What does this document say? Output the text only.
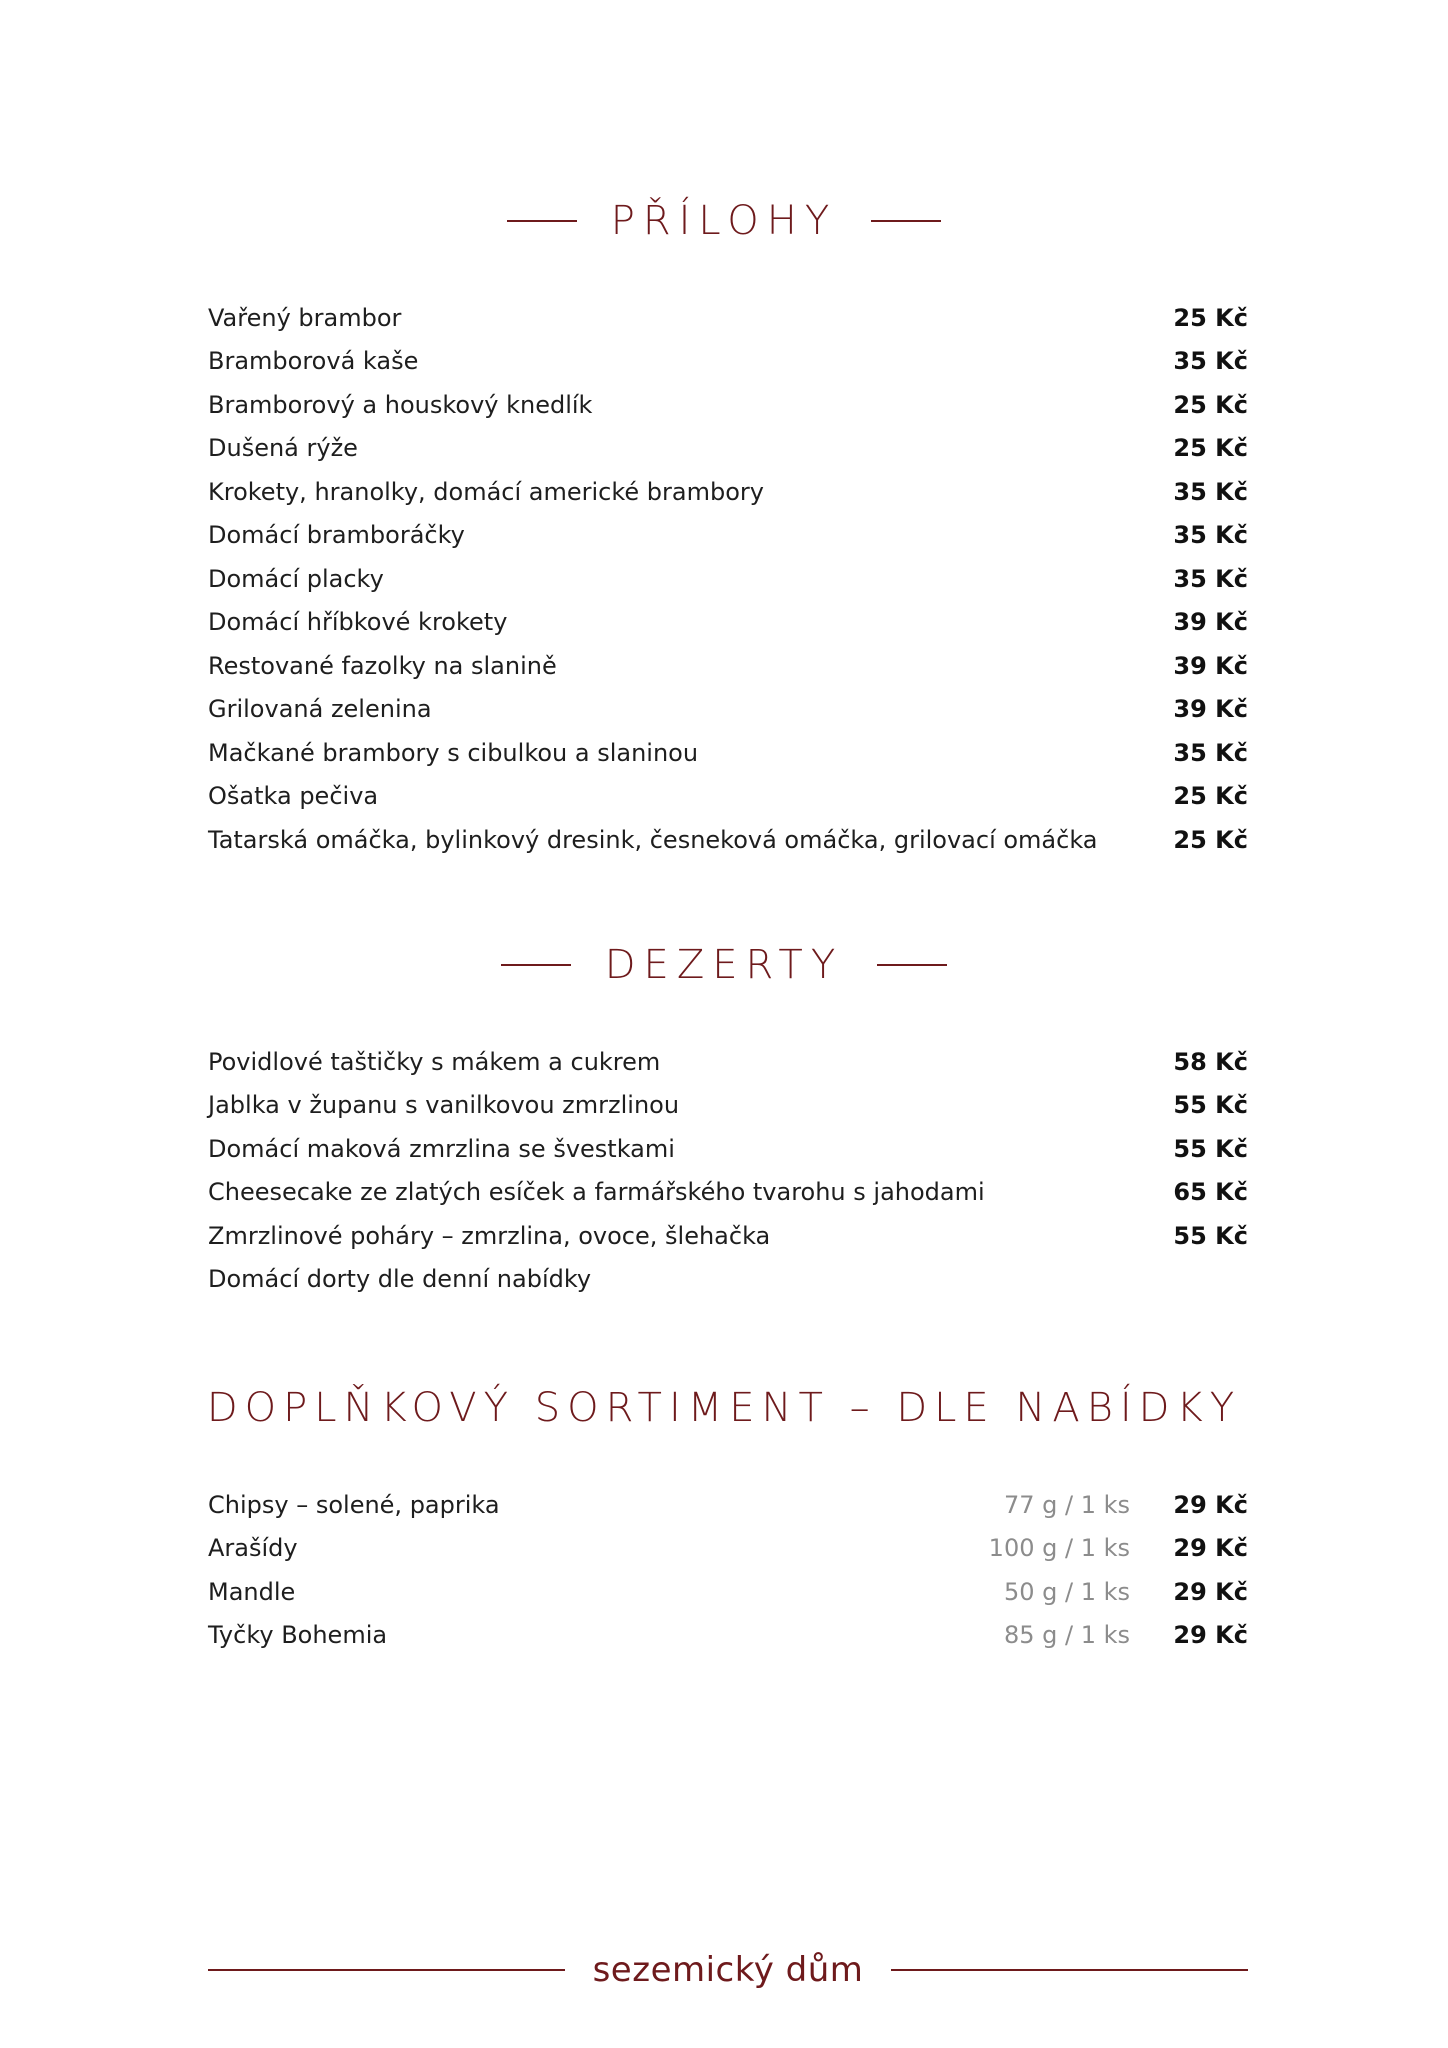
PŘÍLOHY
Vařený brambor	25 Kč
Bramborová kaše	35 Kč
Bramborový a houskový knedlík	25 Kč
Dušená rýže	25 Kč
Krokety, hranolky, domácí americké brambory	35 Kč
Domácí bramboráčky	35 Kč
Domácí placky	35 Kč
Domácí hříbkové krokety	39 Kč
Restované fazolky na slanině	39 Kč
Grilovaná zelenina	39 Kč
Mačkané brambory s cibulkou a slaninou	35 Kč
Ošatka pečiva	25 Kč
Tatarská omáčka, bylinkový dresink, česneková omáčka, grilovací omáčka	25 Kč
DEZERTY
Povidlové taštičky s mákem a cukrem	58 Kč
Jablka v županu s vanilkovou zmrzlinou	55 Kč
Domácí maková zmrzlina se švestkami	55 Kč
Cheesecake ze zlatých esíček a farmářského tvarohu s jahodami	65 Kč
Zmrzlinové poháry – zmrzlina, ovoce, šlehačka	55 Kč
Domácí dorty dle denní nabídky
DOPLŇKOVÝ SORTIMENT – DLE NABÍDKY
Chipsy – solené, paprika	77 g / 1 ks 29 Kč
Arašídy	100 g / 1 ks 29 Kč
Mandle	50 g / 1 ks 29 Kč
Tyčky Bohemia	85 g / 1 ks 29 Kč
sezemický dům
